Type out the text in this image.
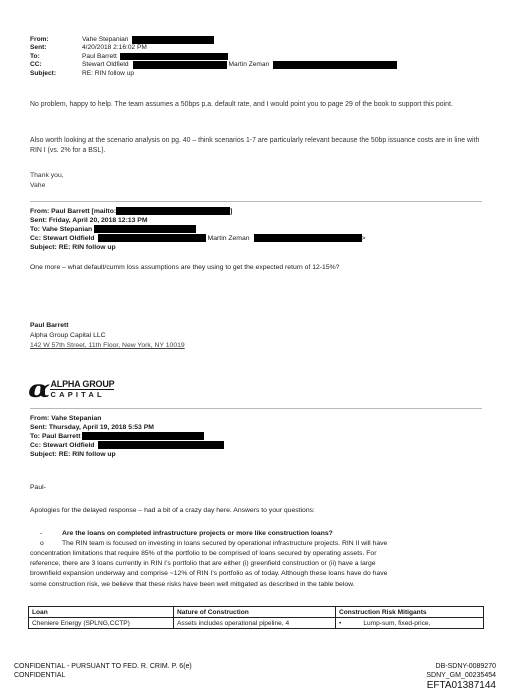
From:	Vahe Stepanian
Sent:	4/20/2018 2:16:02 PM
To:	Paul Barrett
CC:	Stewart Oldfield	Martin Zeman
Subject:	RE: RIN follow up
No problem, happy to help. The team assumes a 50bps p.a. default rate, and I would point you to page 29 of the book to support this point.
Also worth looking at the scenario analysis on pg. 40 – think scenarios 1-7 are particularly relevant because the 50bp issuance costs are in line with RIN I (vs. 2% for a BSL).
Thank you,
Vahe
From: Paul Barrett [mailto:	]
Sent: Friday, April 20, 2018 12:13 PM
To: Vahe Stepanian
Cc: Stewart Oldfield	Martin Zeman	>
Subject: RE: RIN follow up
One more – what default/cumm loss assumptions are they using to get the expected return of 12-15%?
Paul Barrett
Alpha Group Capital LLC
142 W 57th Street, 11th Floor, New York, NY 10019
α ALPHA GROUP
CAPITAL
From: Vahe Stepanian
Sent: Thursday, April 19, 2018 5:53 PM
To: Paul Barrett
Cc: Stewart Oldfield
Subject: RE: RIN follow up
Paul-
Apologies for the delayed response – had a bit of a crazy day here. Answers to your questions:
-	Are the loans on completed infrastructure projects or more like construction loans?
o	The RIN team is focused on investing in loans secured by operational infrastructure projects. RIN II will have
concentration limitations that require 85% of the portfolio to be comprised of loans secured by operating assets. For
reference, there are 3 loans currently in RIN I’s portfolio that are either (i) greenfield construction or (ii) have a large
brownfield expansion underway and comprise ~12% of RIN I’s portfolio as of today. Although these loans have do have
some construction risk, we believe that these risks have been well mitigated as described in the table below.
Loan	Nature of Construction	Construction Risk Mitigants
Cheniere Energy (SPLNG,CCTP)	Assets includes operational pipeline, 4	• Lump-sum, fixed-price,
CONFIDENTIAL - PURSUANT TO FED. R. CRIM. P. 6(e)
CONFIDENTIAL
DB-SDNY-0089270
SDNY_GM_00235454
EFTA01387144
